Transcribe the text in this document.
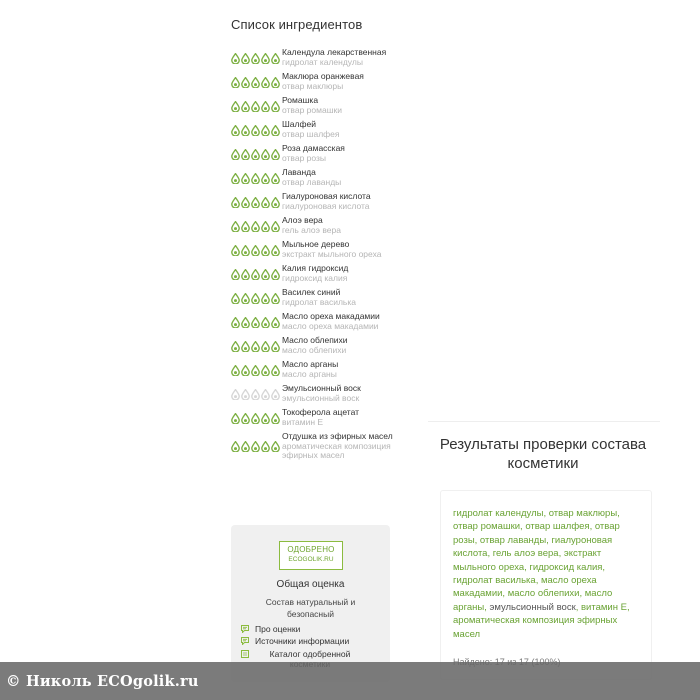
Список ингредиентов
Календула лекарственная
гидролат календулы
Маклюра оранжевая
отвар маклюры
Ромашка
отвар ромашки
Шалфей
отвар шалфея
Роза дамасская
отвар розы
Лаванда
отвар лаванды
Гиалуроновая кислота
гиалуроновая кислота
Алоэ вера
гель алоэ вера
Мыльное дерево
экстракт мыльного ореха
Калия гидроксид
гидроксид калия
Василек синий
гидролат василька
Масло ореха макадамии
масло ореха макадамии
Масло облепихи
масло облепихи
Масло арганы
масло арганы
Эмульсионный воск
эмульсионный воск
Токоферола ацетат
витамин Е
Отдушка из эфирных масел
ароматическая композиция эфирных масел
ОДОБРЕНО
ECOGOLIK.RU
Общая оценка
Состав натуральный и безопасный
Про оценки
Источники информации
Каталог одобренной
Результаты проверки состава косметики
гидролат календулы, отвар маклюры, отвар ромашки, отвар шалфея, отвар розы, отвар лаванды, гиалуроновая кислота, гель алоэ вера, экстракт мыльного ореха, гидроксид калия, гидролат василька, масло ореха макадамии, масло облепихи, масло арганы, эмульсионный воск, витамин Е, ароматическая композиция эфирных масел
© Николь ECOgolik.ru
